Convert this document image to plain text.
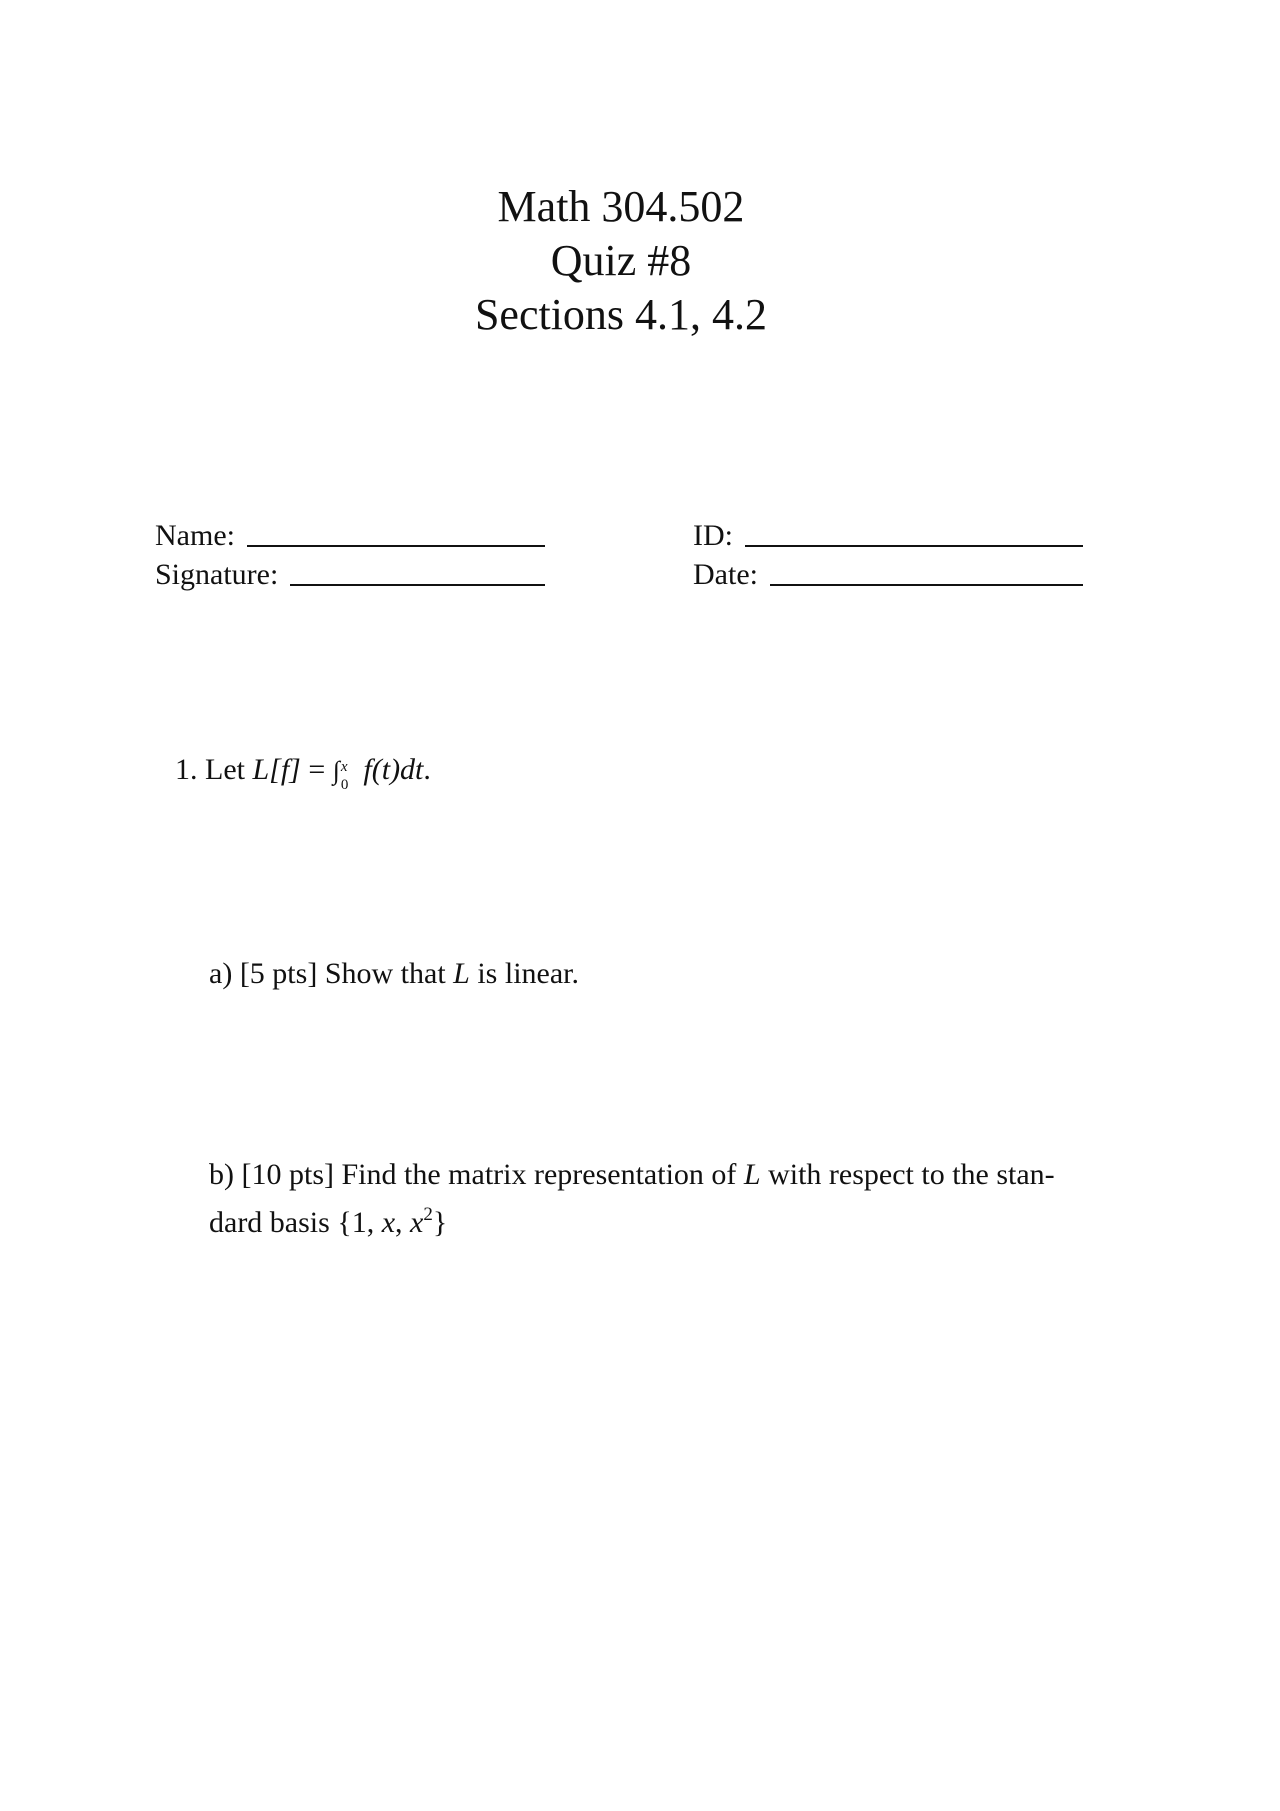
Math 304.502
Quiz #8
Sections 4.1, 4.2
Name:
Signature:
ID:
Date:
1. Let L[f] = ∫ x
0 f(t)dt.
a) [5 pts] Show that L is linear.
b) [10 pts] Find the matrix representation of L with respect to the stan-
dard basis {1, x, $x^2$}
